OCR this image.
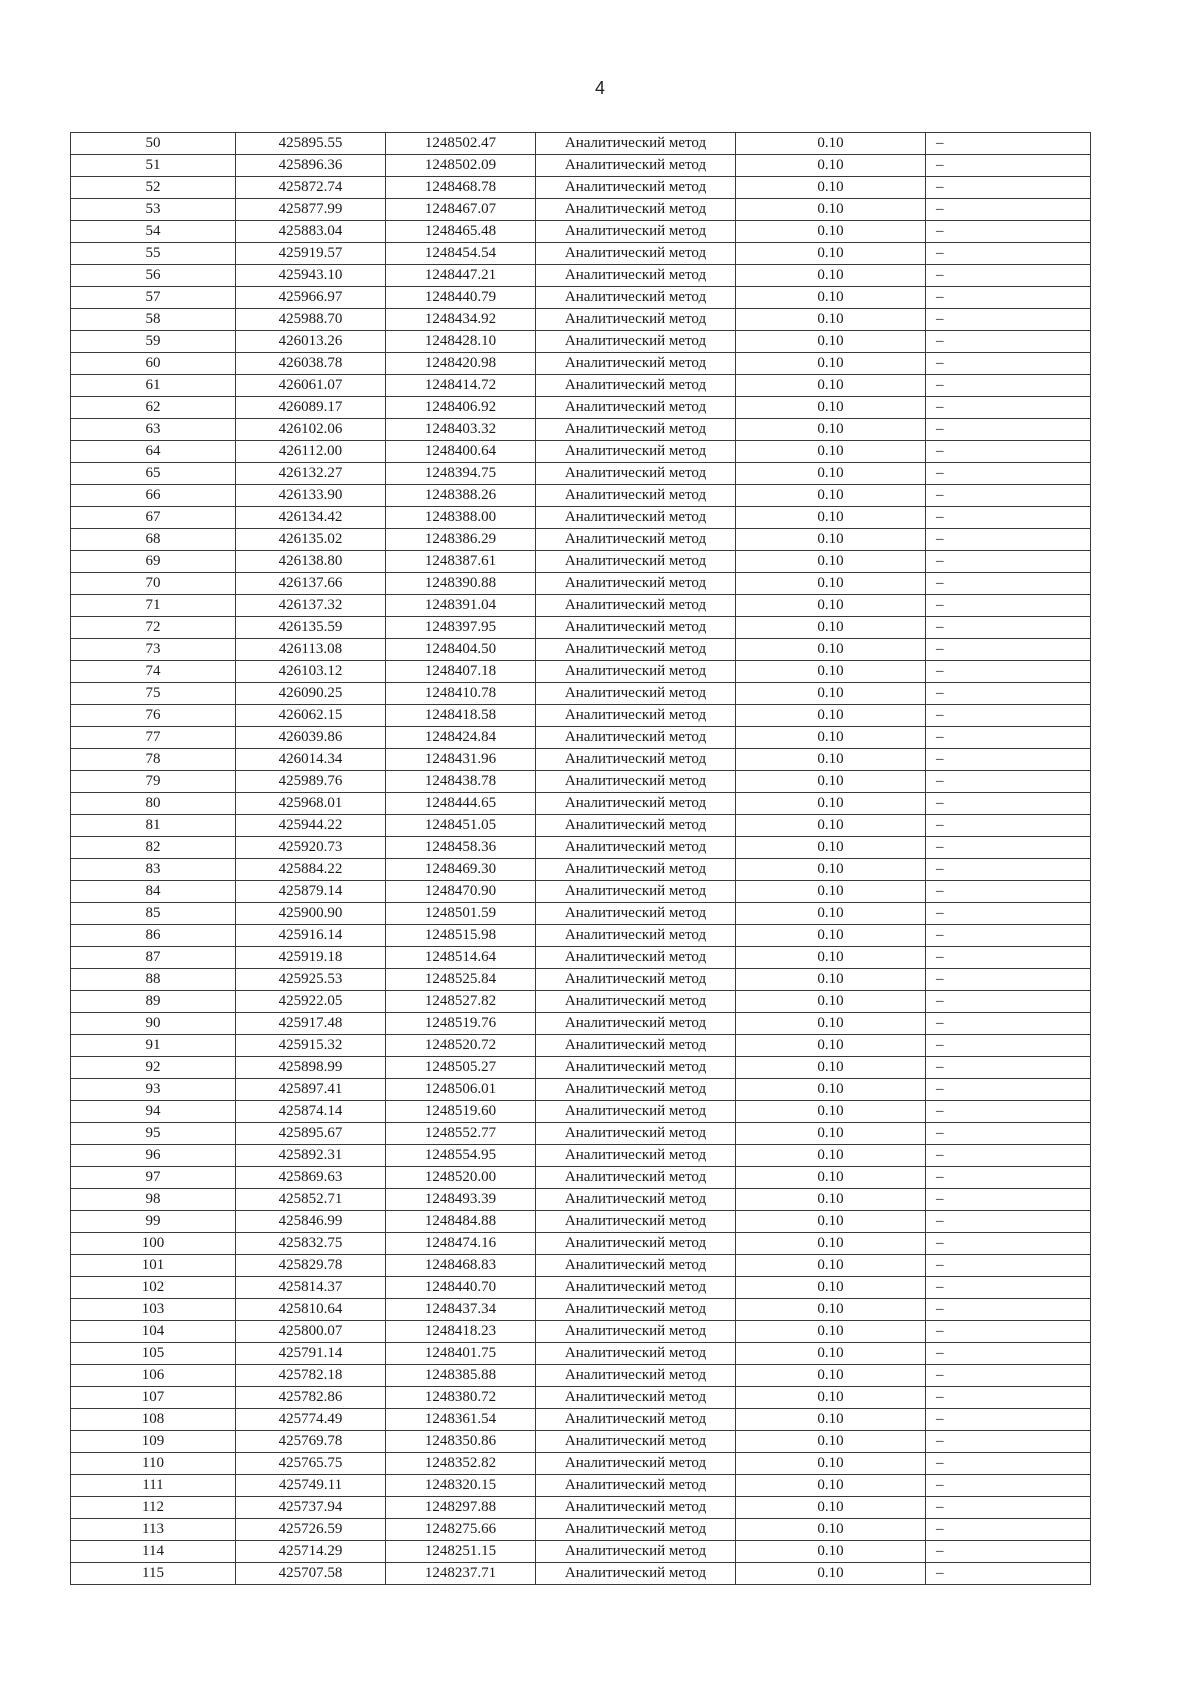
4
50	425895.55	1248502.47	Аналитический метод	0.10	–
51	425896.36	1248502.09	Аналитический метод	0.10	–
52	425872.74	1248468.78	Аналитический метод	0.10	–
53	425877.99	1248467.07	Аналитический метод	0.10	–
54	425883.04	1248465.48	Аналитический метод	0.10	–
55	425919.57	1248454.54	Аналитический метод	0.10	–
56	425943.10	1248447.21	Аналитический метод	0.10	–
57	425966.97	1248440.79	Аналитический метод	0.10	–
58	425988.70	1248434.92	Аналитический метод	0.10	–
59	426013.26	1248428.10	Аналитический метод	0.10	–
60	426038.78	1248420.98	Аналитический метод	0.10	–
61	426061.07	1248414.72	Аналитический метод	0.10	–
62	426089.17	1248406.92	Аналитический метод	0.10	–
63	426102.06	1248403.32	Аналитический метод	0.10	–
64	426112.00	1248400.64	Аналитический метод	0.10	–
65	426132.27	1248394.75	Аналитический метод	0.10	–
66	426133.90	1248388.26	Аналитический метод	0.10	–
67	426134.42	1248388.00	Аналитический метод	0.10	–
68	426135.02	1248386.29	Аналитический метод	0.10	–
69	426138.80	1248387.61	Аналитический метод	0.10	–
70	426137.66	1248390.88	Аналитический метод	0.10	–
71	426137.32	1248391.04	Аналитический метод	0.10	–
72	426135.59	1248397.95	Аналитический метод	0.10	–
73	426113.08	1248404.50	Аналитический метод	0.10	–
74	426103.12	1248407.18	Аналитический метод	0.10	–
75	426090.25	1248410.78	Аналитический метод	0.10	–
76	426062.15	1248418.58	Аналитический метод	0.10	–
77	426039.86	1248424.84	Аналитический метод	0.10	–
78	426014.34	1248431.96	Аналитический метод	0.10	–
79	425989.76	1248438.78	Аналитический метод	0.10	–
80	425968.01	1248444.65	Аналитический метод	0.10	–
81	425944.22	1248451.05	Аналитический метод	0.10	–
82	425920.73	1248458.36	Аналитический метод	0.10	–
83	425884.22	1248469.30	Аналитический метод	0.10	–
84	425879.14	1248470.90	Аналитический метод	0.10	–
85	425900.90	1248501.59	Аналитический метод	0.10	–
86	425916.14	1248515.98	Аналитический метод	0.10	–
87	425919.18	1248514.64	Аналитический метод	0.10	–
88	425925.53	1248525.84	Аналитический метод	0.10	–
89	425922.05	1248527.82	Аналитический метод	0.10	–
90	425917.48	1248519.76	Аналитический метод	0.10	–
91	425915.32	1248520.72	Аналитический метод	0.10	–
92	425898.99	1248505.27	Аналитический метод	0.10	–
93	425897.41	1248506.01	Аналитический метод	0.10	–
94	425874.14	1248519.60	Аналитический метод	0.10	–
95	425895.67	1248552.77	Аналитический метод	0.10	–
96	425892.31	1248554.95	Аналитический метод	0.10	–
97	425869.63	1248520.00	Аналитический метод	0.10	–
98	425852.71	1248493.39	Аналитический метод	0.10	–
99	425846.99	1248484.88	Аналитический метод	0.10	–
100	425832.75	1248474.16	Аналитический метод	0.10	–
101	425829.78	1248468.83	Аналитический метод	0.10	–
102	425814.37	1248440.70	Аналитический метод	0.10	–
103	425810.64	1248437.34	Аналитический метод	0.10	–
104	425800.07	1248418.23	Аналитический метод	0.10	–
105	425791.14	1248401.75	Аналитический метод	0.10	–
106	425782.18	1248385.88	Аналитический метод	0.10	–
107	425782.86	1248380.72	Аналитический метод	0.10	–
108	425774.49	1248361.54	Аналитический метод	0.10	–
109	425769.78	1248350.86	Аналитический метод	0.10	–
110	425765.75	1248352.82	Аналитический метод	0.10	–
111	425749.11	1248320.15	Аналитический метод	0.10	–
112	425737.94	1248297.88	Аналитический метод	0.10	–
113	425726.59	1248275.66	Аналитический метод	0.10	–
114	425714.29	1248251.15	Аналитический метод	0.10	–
115	425707.58	1248237.71	Аналитический метод	0.10	–
